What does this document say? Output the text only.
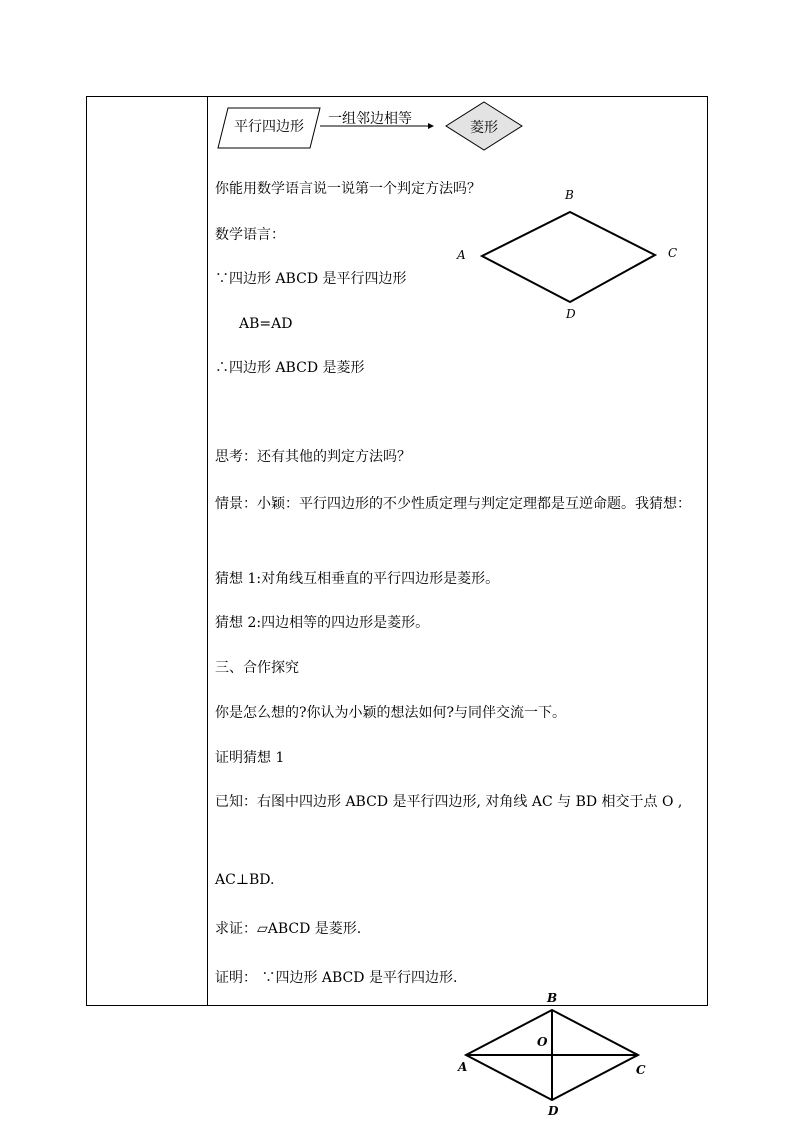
平行四边形 一组邻边相等
菱形
B
C
A
D
你能用数学语言说一说第一个判定方法吗？
数学语言：
∵四边形 ABCD 是平行四边形
AB=AD
∴四边形 ABCD 是菱形
思考：还有其他的判定方法吗？
情景：小颖：平行四边形的不少性质定理与判定定理都是互逆命题。我猜想：
猜想 1:对角线互相垂直的平行四边形是菱形。
猜想 2:四边相等的四边形是菱形。
三、合作探究
你是怎么想的?你认为小颖的想法如何?与同伴交流一下。
证明猜想 1
已知：右图中四边形 ABCD 是平行四边形, 对角线 AC 与 BD 相交于点 O ,
AC⊥BD.
求证：▱ABCD 是菱形.
证明： ∵四边形 ABCD 是平行四边形.
B
O
A	C
D
